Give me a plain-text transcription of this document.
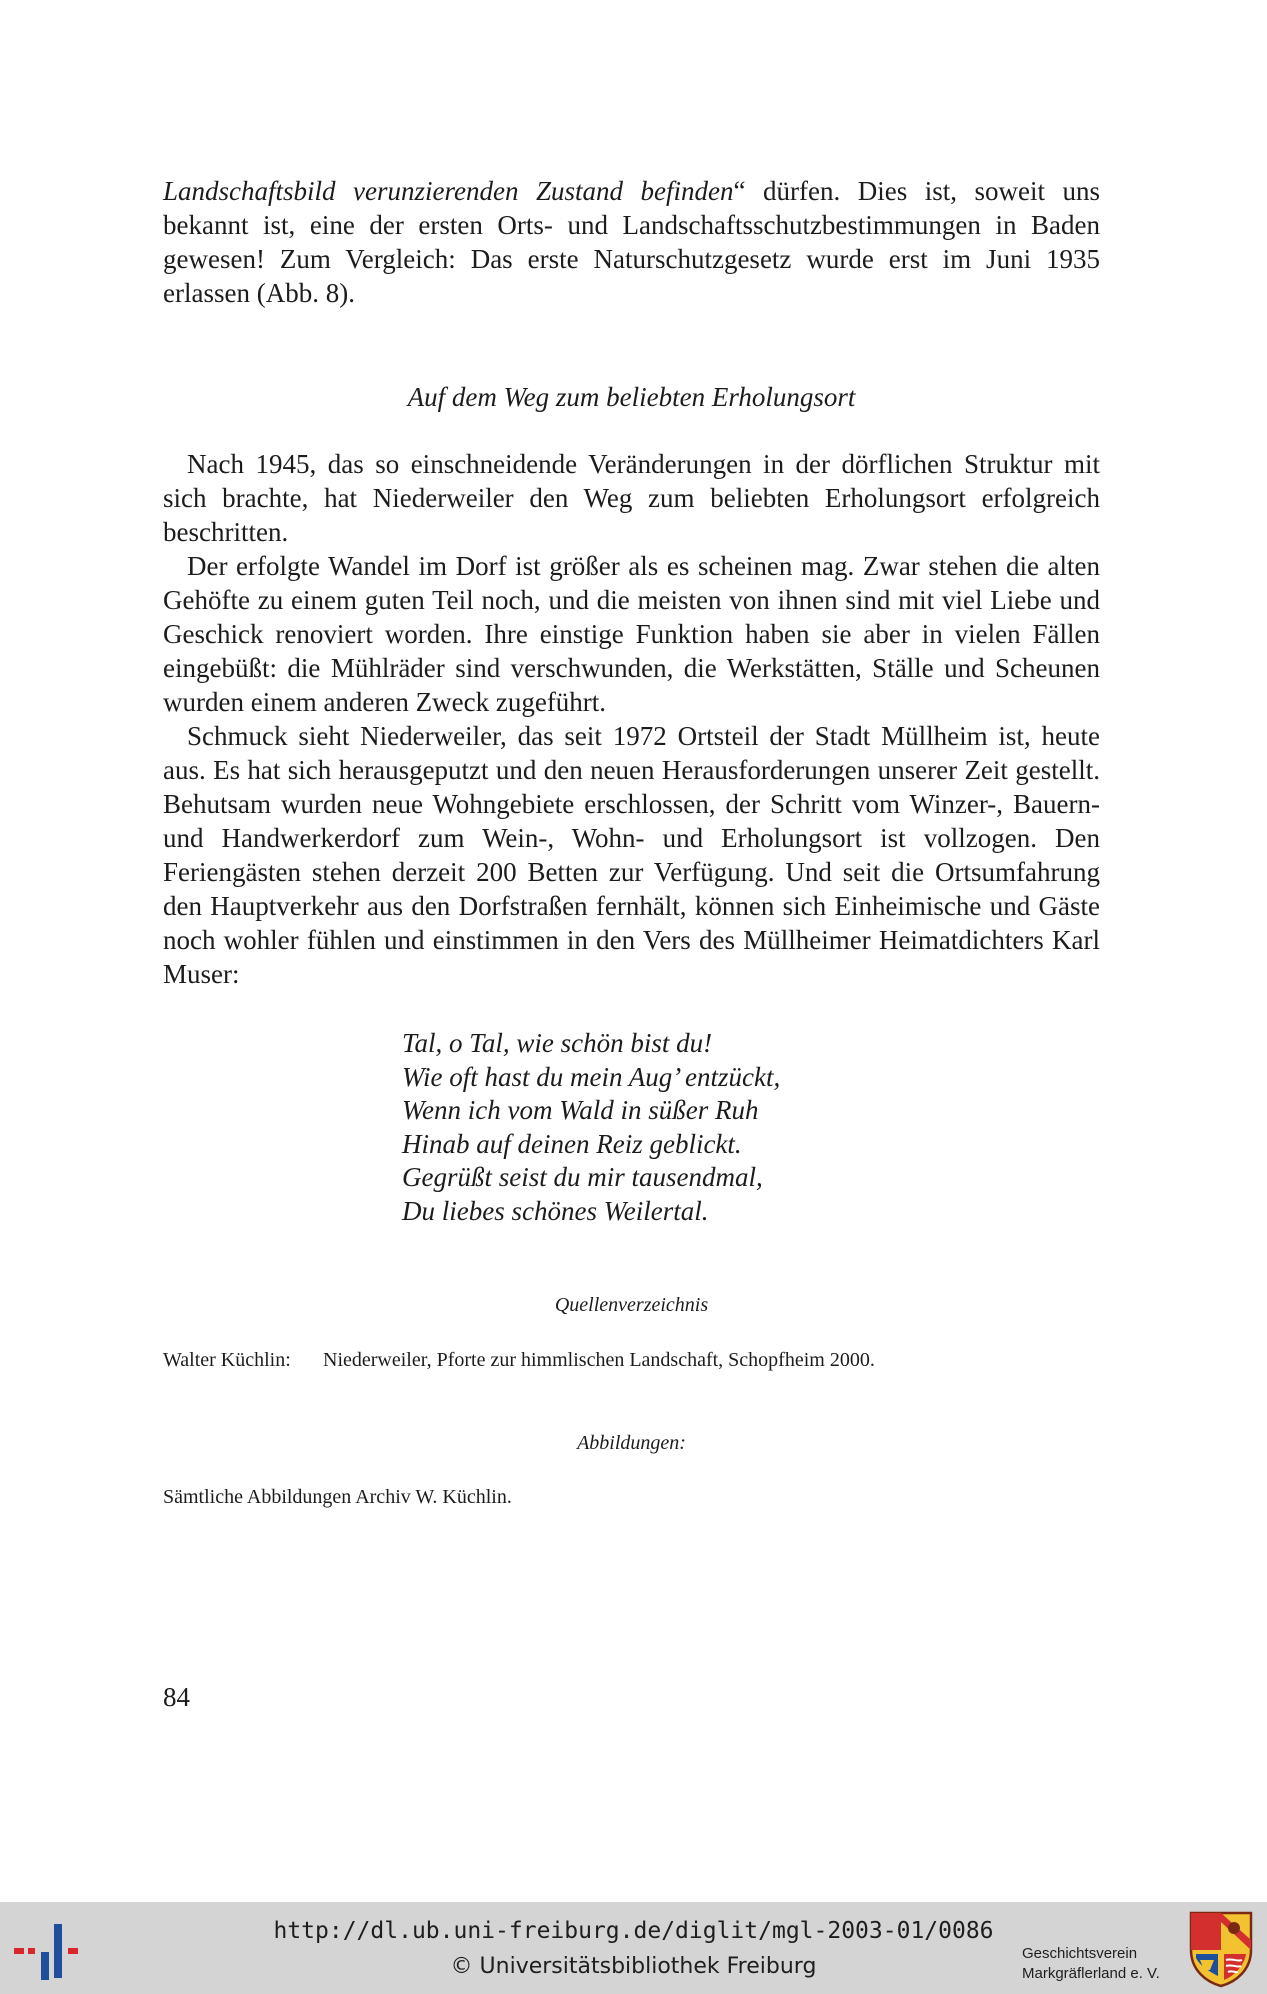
Landschaftsbild verunzierenden Zustand befinden“ dürfen. Dies ist, soweit uns bekannt ist, eine der ersten Orts- und Landschaftsschutzbestimmungen in Baden gewesen! Zum Vergleich: Das erste Naturschutzgesetz wurde erst im Juni 1935 erlassen (Abb. 8).

Auf dem Weg zum beliebten Erholungsort

Nach 1945, das so einschneidende Veränderungen in der dörflichen Struktur mit sich brachte, hat Niederweiler den Weg zum beliebten Erholungsort erfolgreich beschritten.

Der erfolgte Wandel im Dorf ist größer als es scheinen mag. Zwar stehen die alten Gehöfte zu einem guten Teil noch, und die meisten von ihnen sind mit viel Liebe und Geschick renoviert worden. Ihre einstige Funktion haben sie aber in vielen Fällen eingebüßt: die Mühlräder sind verschwunden, die Werkstätten, Ställe und Scheunen wurden einem anderen Zweck zugeführt.

Schmuck sieht Niederweiler, das seit 1972 Ortsteil der Stadt Müllheim ist, heute aus. Es hat sich herausgeputzt und den neuen Herausforderungen unserer Zeit gestellt. Behutsam wurden neue Wohngebiete erschlossen, der Schritt vom Winzer-, Bauern- und Handwerkerdorf zum Wein-, Wohn- und Erholungsort ist vollzogen. Den Feriengästen stehen derzeit 200 Betten zur Verfügung. Und seit die Ortsumfahrung den Hauptverkehr aus den Dorfstraßen fernhält, können sich Einheimische und Gäste noch wohler fühlen und einstimmen in den Vers des Müllheimer Heimatdichters Karl Muser:

Tal, o Tal, wie schön bist du!
Wie oft hast du mein Aug’ entzückt,
Wenn ich vom Wald in süßer Ruh
Hinab auf deinen Reiz geblickt.
Gegrüßt seist du mir tausendmal,
Du liebes schönes Weilertal.
Quellenverzeichnis
Walter Küchlin: Niederweiler, Pforte zur himmlischen Landschaft, Schopfheim 2000.
Abbildungen:
Sämtliche Abbildungen Archiv W. Küchlin.
84
http://dl.ub.uni-freiburg.de/diglit/mgl-2003-01/0086
© Universitätsbibliothek Freiburg
Geschichtsverein
Markgräflerland e. V.
